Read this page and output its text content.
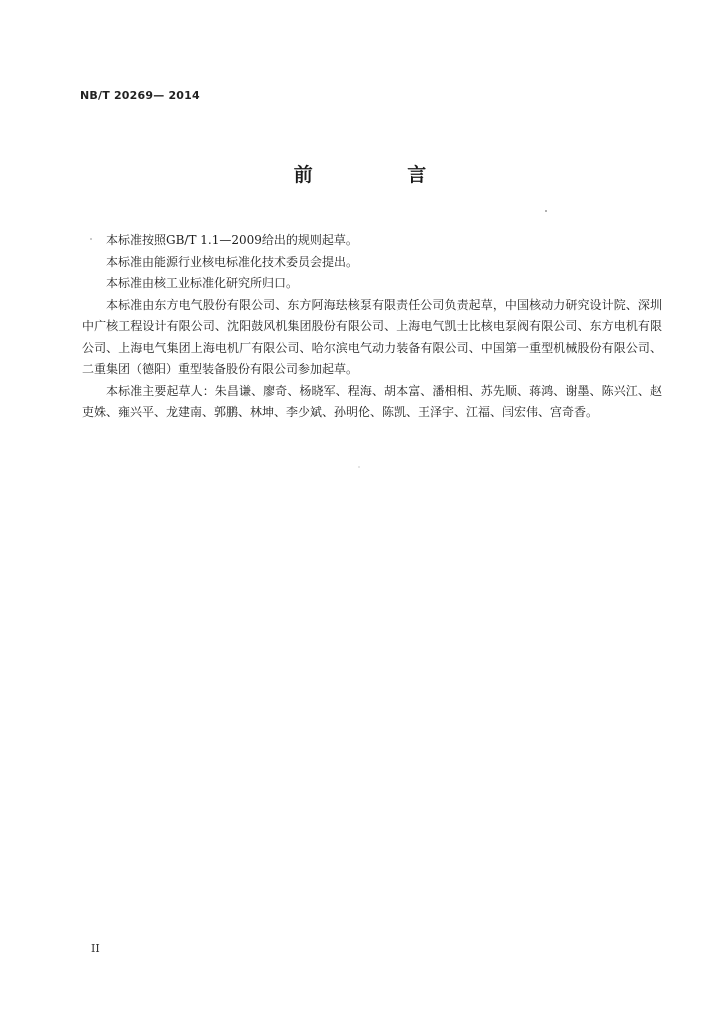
NB/T 20269— 2014
前 言

本标准按照GB/T 1.1—2009给出的规则起草。

本标准由能源行业核电标准化技术委员会提出。

本标准由核工业标准化研究所归口。

本标准由东方电气股份有限公司、东方阿海珐核泵有限责任公司负责起草，中国核动力研究设计院、深圳中广核工程设计有限公司、沈阳鼓风机集团股份有限公司、上海电气凯士比核电泵阀有限公司、东方电机有限公司、上海电气集团上海电机厂有限公司、哈尔滨电气动力装备有限公司、中国第一重型机械股份有限公司、二重集团（德阳）重型装备股份有限公司参加起草。

本标准主要起草人：朱昌谦、廖奇、杨晓军、程海、胡本富、潘相相、苏先顺、蒋鸿、谢墨、陈兴江、赵吏姝、雍兴平、龙建南、郭鹏、林坤、李少斌、孙明伦、陈凯、王泽宇、江福、闫宏伟、宫奇香。

II
